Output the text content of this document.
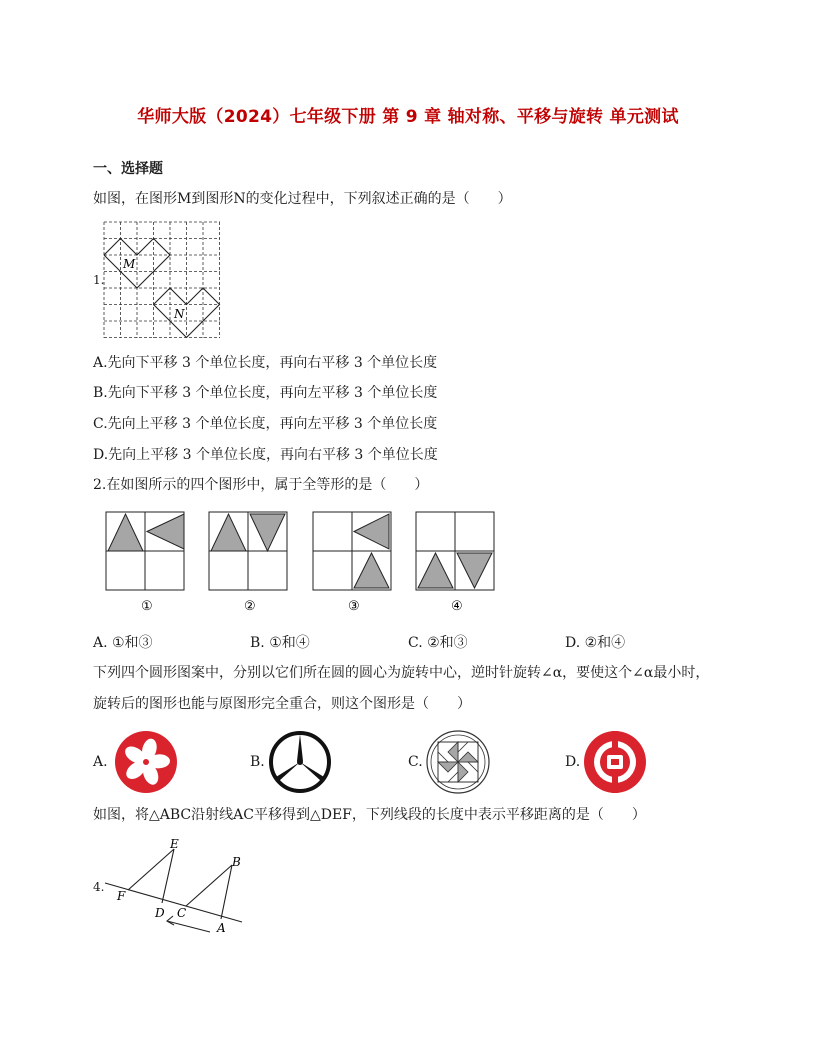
华师大版（2024）七年级下册 第 9 章 轴对称、平移与旋转 单元测试
一、选择题
如图，在图形M到图形N的变化过程中，下列叙述正确的是（　　）
1.
M
N
A.先向下平移 3 个单位长度，再向右平移 3 个单位长度
B.先向下平移 3 个单位长度，再向左平移 3 个单位长度
C.先向上平移 3 个单位长度，再向左平移 3 个单位长度
D.先向上平移 3 个单位长度，再向右平移 3 个单位长度
2.在如图所示的四个图形中，属于全等形的是（　　）
①	②	③	④
A. ①和③	B. ①和④	C. ②和③	D. ②和④
下列四个圆形图案中，分别以它们所在圆的圆心为旋转中心，逆时针旋转∠α，要使这个∠α最小时，
旋转后的图形也能与原图形完全重合，则这个图形是（　　）
A.	B.	C.	D.
如图，将△ABC沿射线AC平移得到△DEF，下列线段的长度中表示平移距离的是（　　）
4.
E
B
F
D C
A
